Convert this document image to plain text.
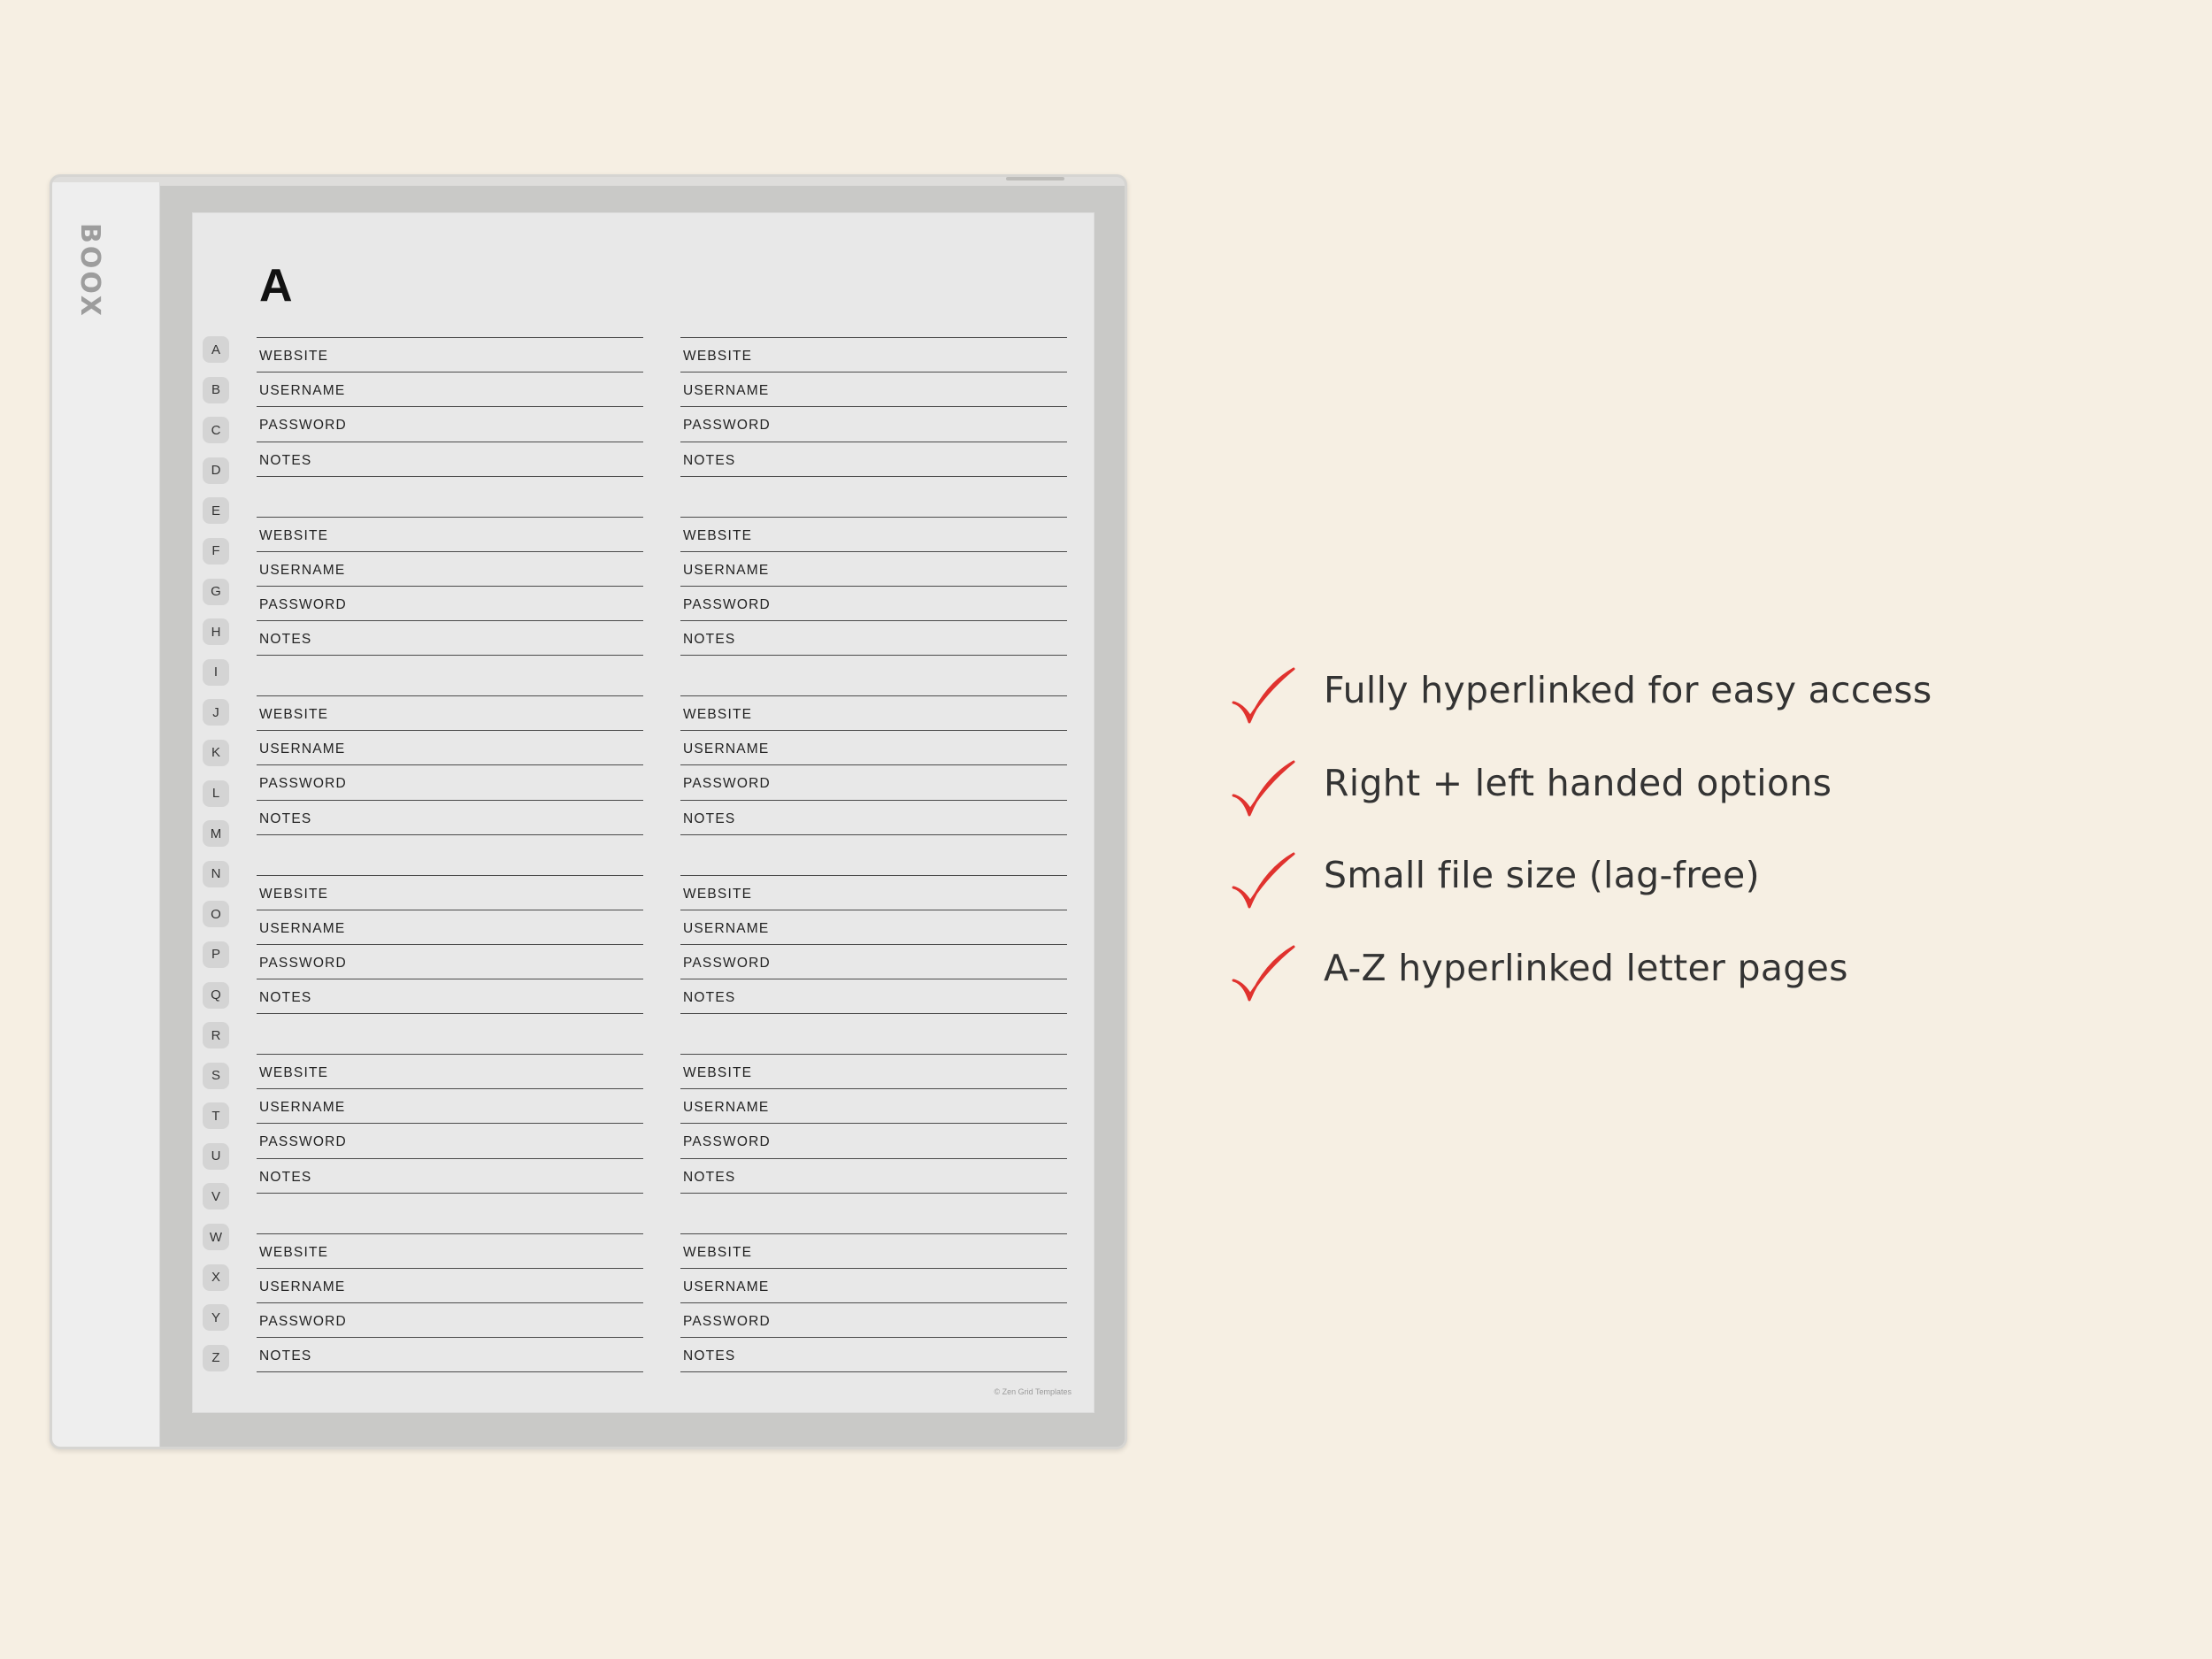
BOOX	A
A
B
C
D
E
F
G
H
I
J
K
L
M
N
O
P
Q
R
S
T
U
V
W
X
Y
Z
WEBSITE
USERNAME
PASSWORD
NOTES
WEBSITE
USERNAME
PASSWORD
NOTES
WEBSITE
USERNAME
PASSWORD
NOTES
WEBSITE
USERNAME
PASSWORD
NOTES
WEBSITE
USERNAME
PASSWORD
NOTES
WEBSITE
USERNAME
PASSWORD
NOTES
WEBSITE
USERNAME
PASSWORD
NOTES
WEBSITE
USERNAME
PASSWORD
NOTES
WEBSITE
USERNAME
PASSWORD
NOTES
WEBSITE
USERNAME
PASSWORD
NOTES
WEBSITE
USERNAME
PASSWORD
NOTES
WEBSITE
USERNAME
PASSWORD
NOTES
© Zen Grid Templates
Fully hyperlinked for easy access
Right + left handed options
Small file size (lag-free)
A-Z hyperlinked letter pages
